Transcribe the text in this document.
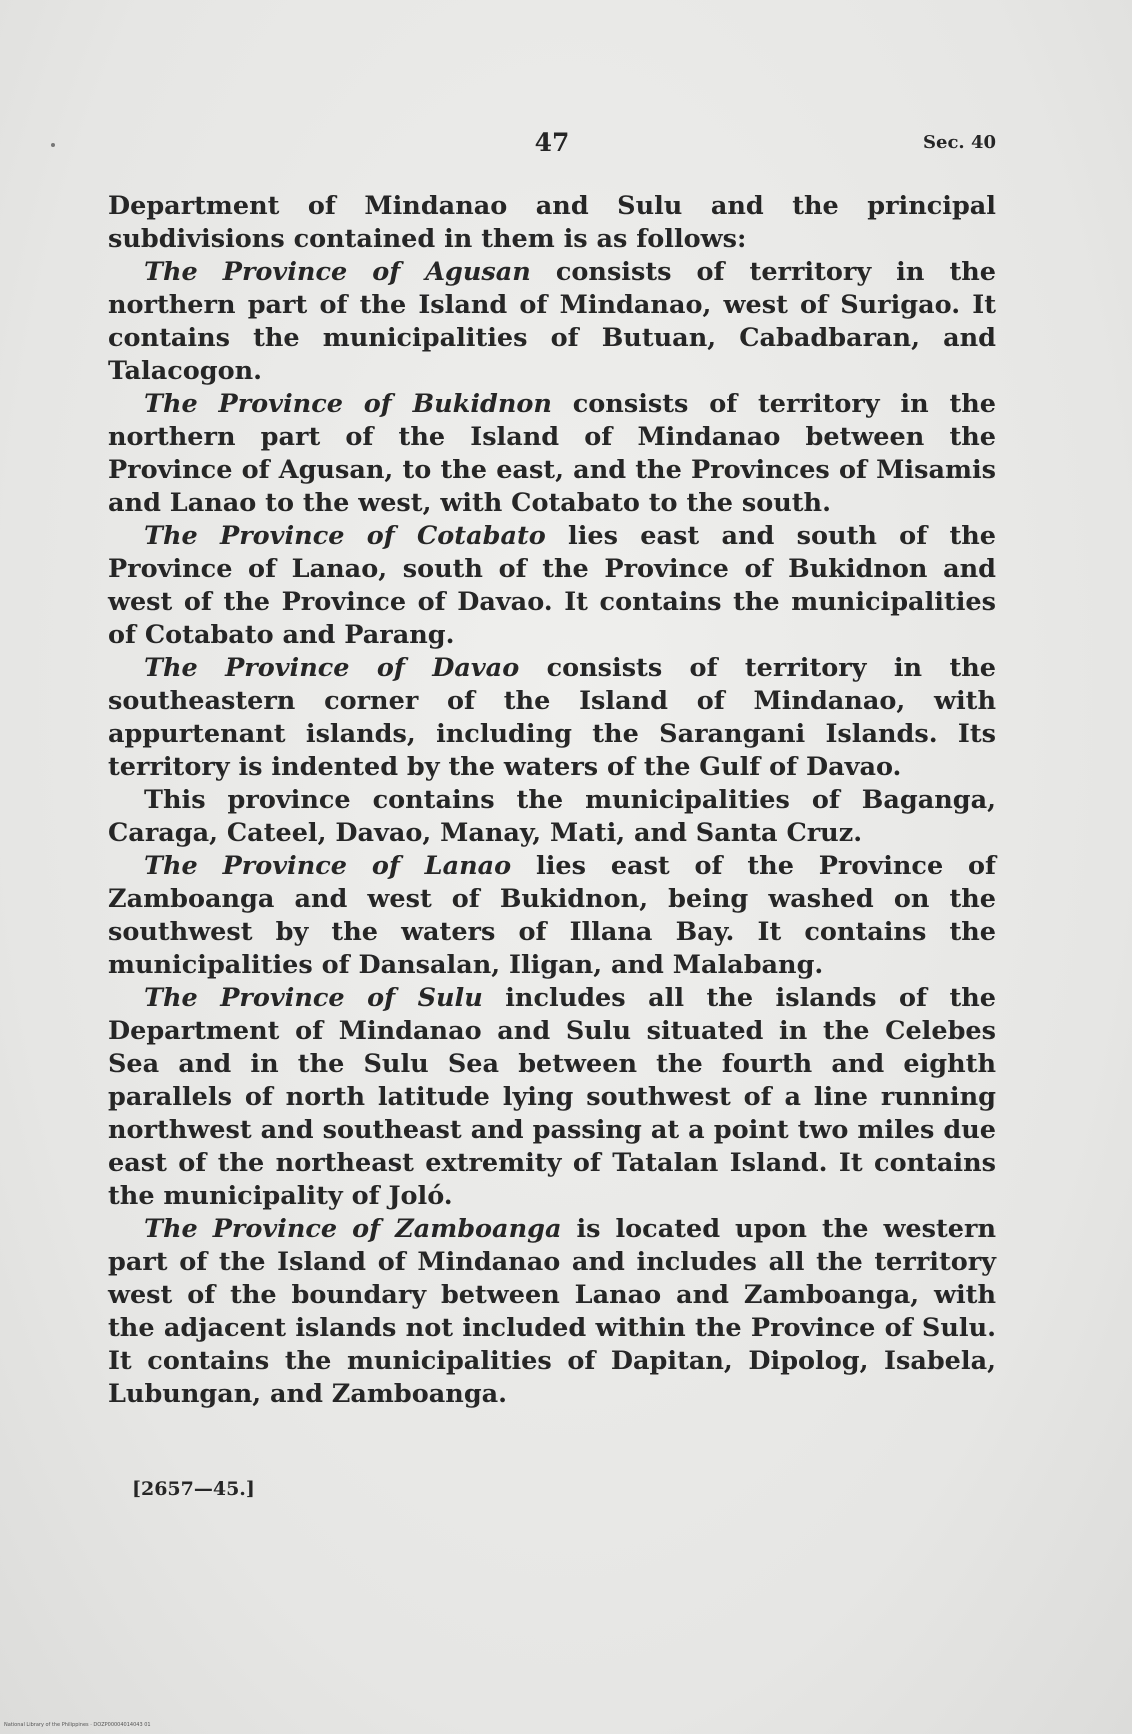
47	Sec. 40

Department of Mindanao and Sulu and the principal subdivisions contained in them is as follows:

The Province of Agusan consists of territory in the northern part of the Island of Mindanao, west of Surigao. It contains the municipalities of Butuan, Cabadbaran, and Talacogon.

The Province of Bukidnon consists of territory in the northern part of the Island of Mindanao between the Province of Agusan, to the east, and the Provinces of Misamis and Lanao to the west, with Cotabato to the south.

The Province of Cotabato lies east and south of the Province of Lanao, south of the Province of Bukidnon and west of the Province of Davao. It contains the municipalities of Cotabato and Parang.

The Province of Davao consists of territory in the southeastern corner of the Island of Mindanao, with appurtenant islands, including the Sarangani Islands. Its territory is indented by the waters of the Gulf of Davao.

This province contains the municipalities of Baganga, Caraga, Cateel, Davao, Manay, Mati, and Santa Cruz.

The Province of Lanao lies east of the Province of Zamboanga and west of Bukidnon, being washed on the southwest by the waters of Illana Bay. It contains the municipalities of Dansalan, Iligan, and Malabang.

The Province of Sulu includes all the islands of the Department of Mindanao and Sulu situated in the Celebes Sea and in the Sulu Sea between the fourth and eighth parallels of north latitude lying southwest of a line running northwest and southeast and passing at a point two miles due east of the northeast extremity of Tatalan Island. It contains the municipality of Joló.

The Province of Zamboanga is located upon the western part of the Island of Mindanao and includes all the territory west of the boundary between Lanao and Zamboanga, with the adjacent islands not included within the Province of Sulu. It contains the municipalities of Dapitan, Dipolog, Isabela, Lubungan, and Zamboanga.

[2657—45.]
National Library of the Philippines · DOZP00004014043 01
